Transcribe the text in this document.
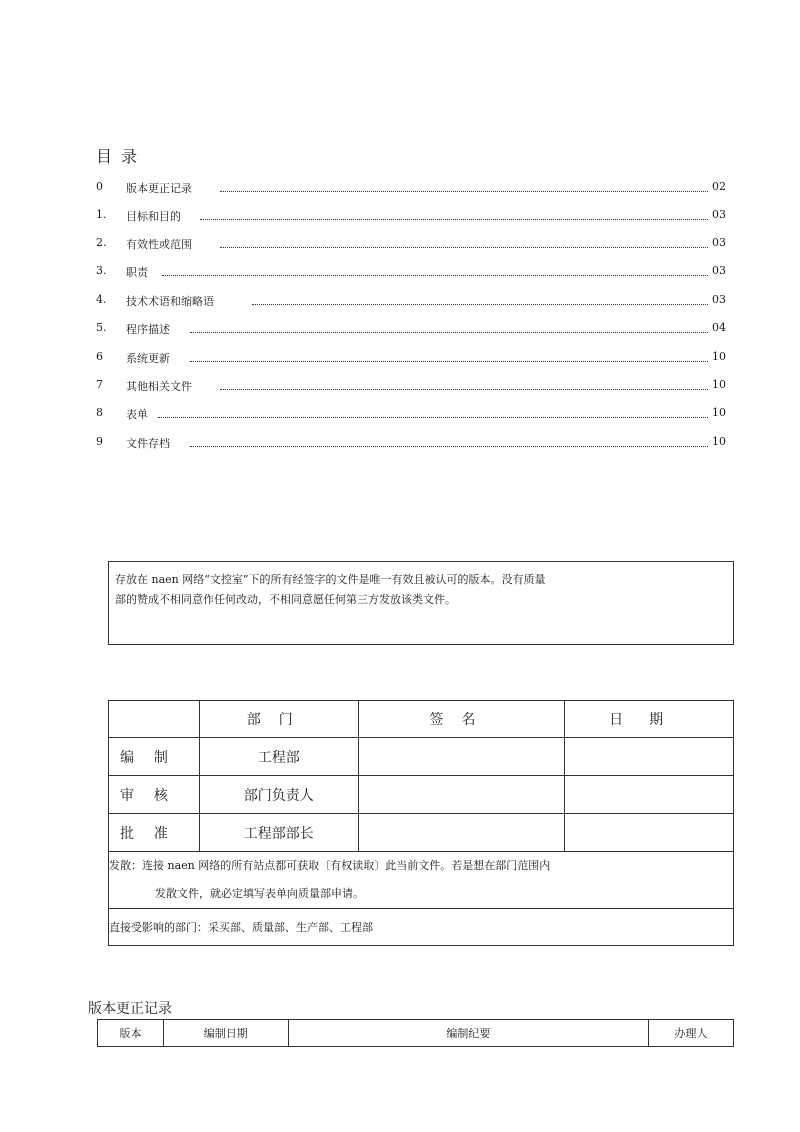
目 录
0 版本更正记录	02
1. 目标和目的	03
2. 有效性或范围	03
3. 职责	03
4. 技术术语和缩略语	03
5. 程序描述	04
6 系统更新	10
7 其他相关文件	10
8 表单	10
9 文件存档	10
存放在 naen 网络“文控室”下的所有经签字的文件是唯一有效且被认可的版本。没有质量
部的赞成不相同意作任何改动，不相同意愿任何第三方发放该类文件。
	部门	签名	日期
编制	工程部		
审核	部门负责人		
批准	工程部部长		

发散：连接 naen 网络的所有站点都可获取〔有权读取〕此当前文件。若是想在部门范围内
发散文件，就必定填写表单向质量部申请。			

直接受影响的部门：采买部、质量部、生产部、工程部			
版本更正记录
版本	编制日期	编制纪要	办理人
